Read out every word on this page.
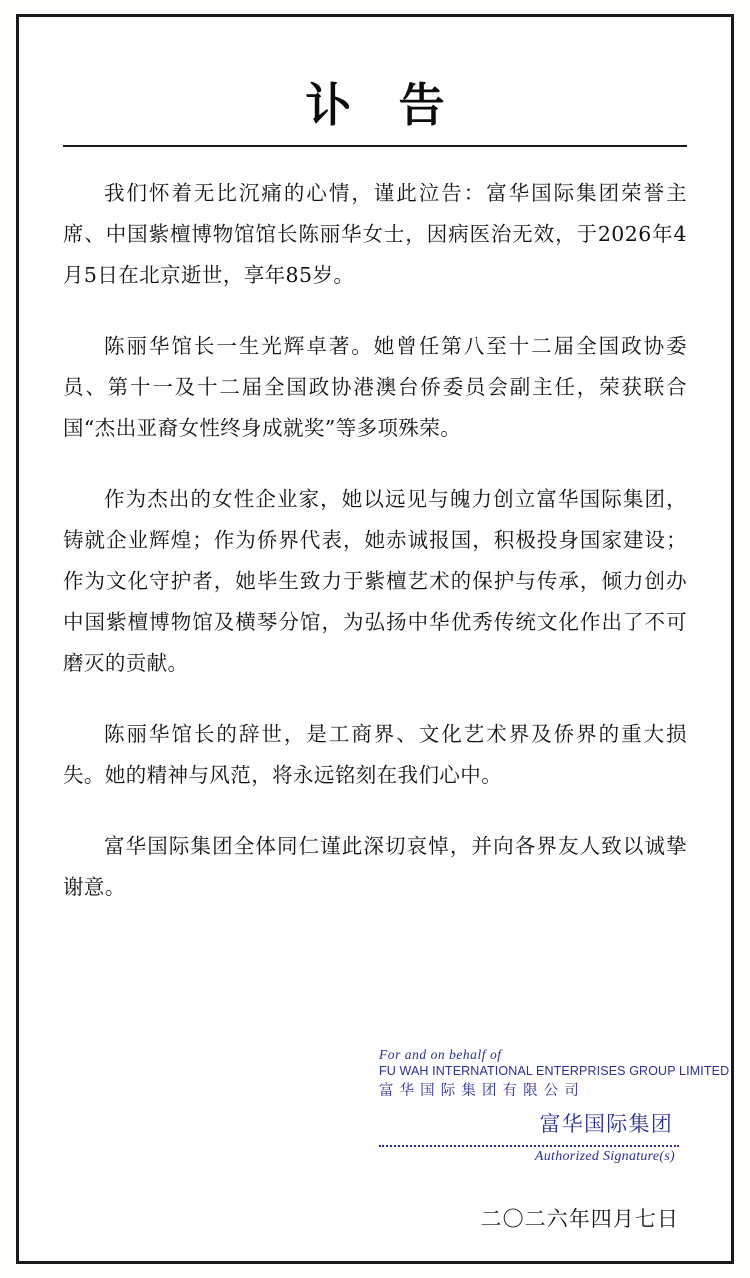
讣 告

我们怀着无比沉痛的心情，谨此泣告：富华国际集团荣誉主席、中国紫檀博物馆馆长陈丽华女士，因病医治无效，于2026年4月5日在北京逝世，享年85岁。

陈丽华馆长一生光辉卓著。她曾任第八至十二届全国政协委员、第十一及十二届全国政协港澳台侨委员会副主任，荣获联合国“杰出亚裔女性终身成就奖”等多项殊荣。

作为杰出的女性企业家，她以远见与魄力创立富华国际集团，铸就企业辉煌；作为侨界代表，她赤诚报国，积极投身国家建设；作为文化守护者，她毕生致力于紫檀艺术的保护与传承，倾力创办中国紫檀博物馆及横琴分馆，为弘扬中华优秀传统文化作出了不可磨灭的贡献。

陈丽华馆长的辞世，是工商界、文化艺术界及侨界的重大损失。她的精神与风范，将永远铭刻在我们心中。

富华国际集团全体同仁谨此深切哀悼，并向各界友人致以诚挚谢意。

For and on behalf of
FU WAH INTERNATIONAL ENTERPRISES GROUP LIMITED
富华国际集团有限公司
富华国际集团
Authorized Signature(s)
二〇二六年四月七日
